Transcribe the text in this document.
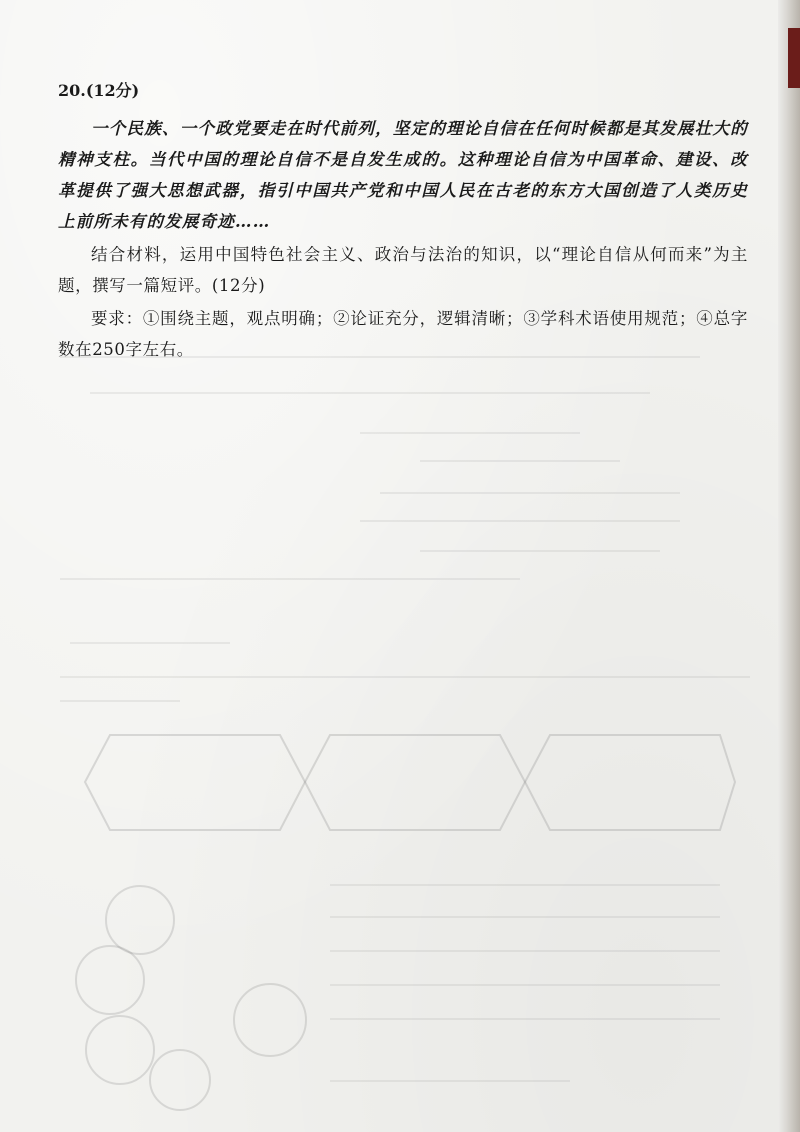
20.(12分)

一个民族、一个政党要走在时代前列，坚定的理论自信在任何时候都是其发展壮大的精神支柱。当代中国的理论自信不是自发生成的。这种理论自信为中国革命、建设、改革提供了强大思想武器，指引中国共产党和中国人民在古老的东方大国创造了人类历史上前所未有的发展奇迹……

结合材料，运用中国特色社会主义、政治与法治的知识，以“理论自信从何而来”为主题，撰写一篇短评。(12分)

要求：①围绕主题，观点明确；②论证充分，逻辑清晰；③学科术语使用规范；④总字数在250字左右。
